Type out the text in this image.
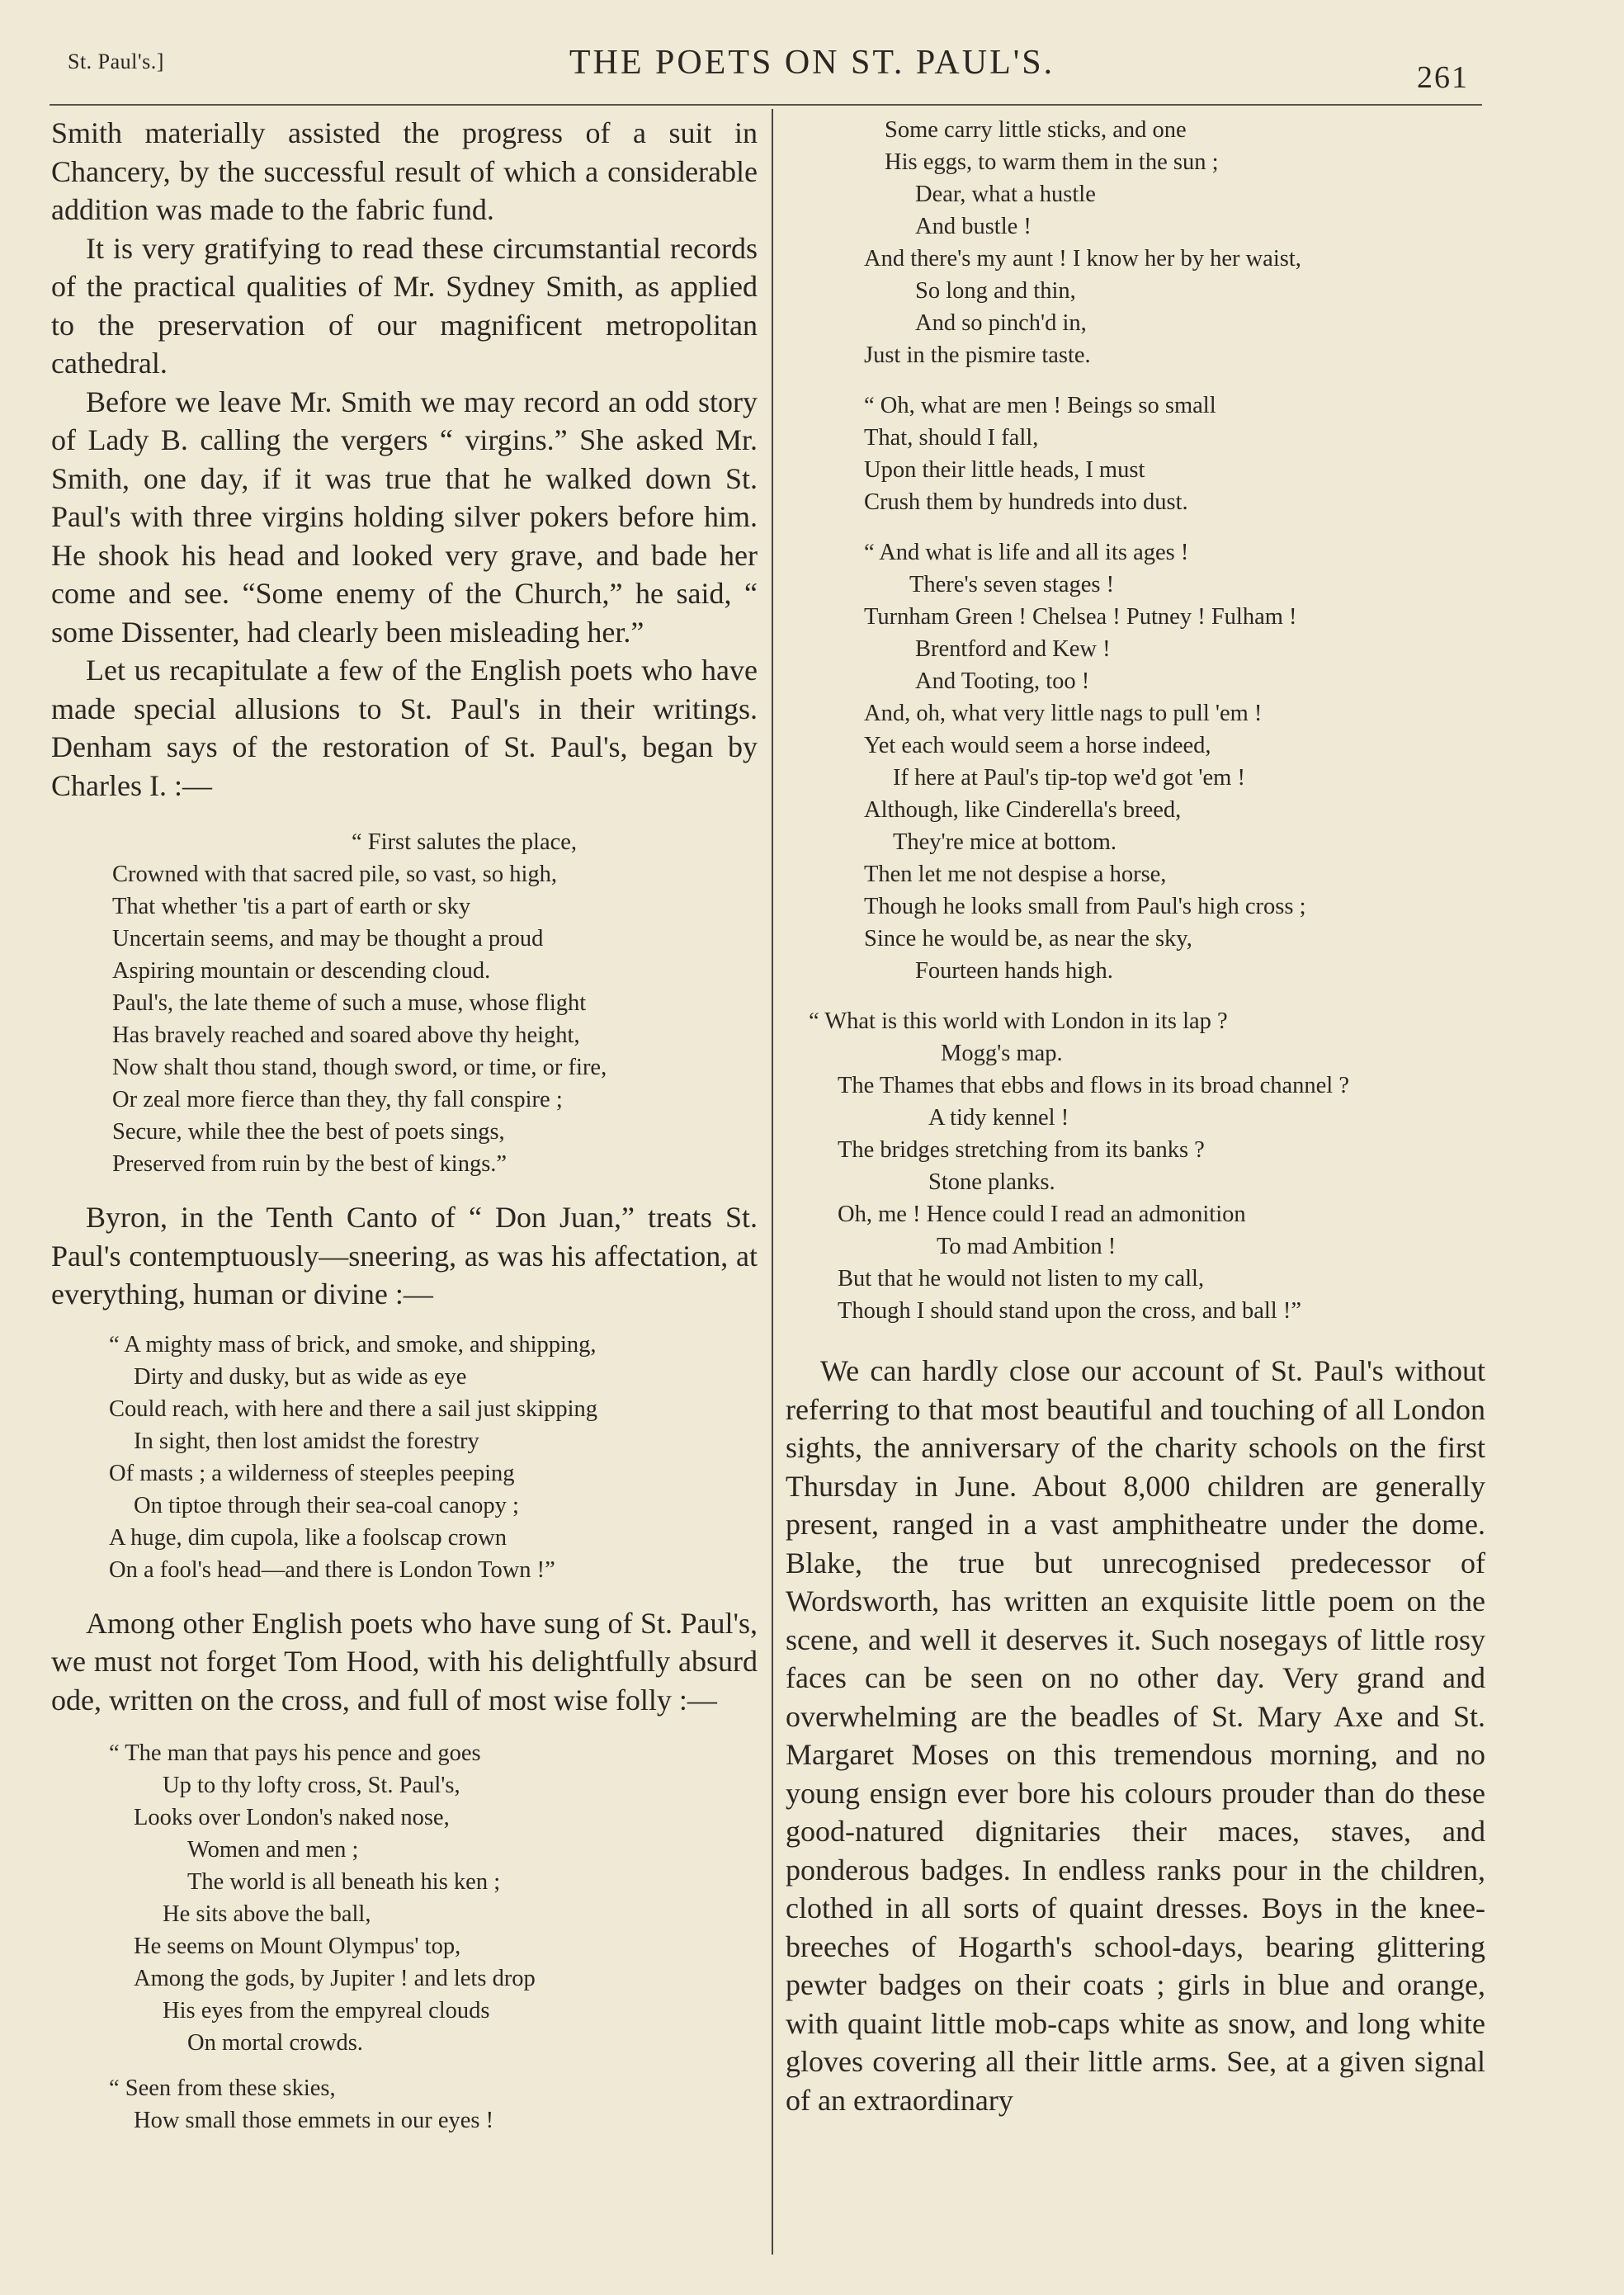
St. Paul's.]	THE POETS ON ST. PAUL'S.	261

Smith materially assisted the progress of a suit in Chancery, by the successful result of which a considerable addition was made to the fabric fund.

It is very gratifying to read these circumstantial records of the practical qualities of Mr. Sydney Smith, as applied to the preservation of our magnificent metropolitan cathedral.

Before we leave Mr. Smith we may record an odd story of Lady B. calling the vergers “ virgins.” She asked Mr. Smith, one day, if it was true that he walked down St. Paul's with three virgins holding silver pokers before him. He shook his head and looked very grave, and bade her come and see. “Some enemy of the Church,” he said, “ some Dissenter, had clearly been misleading her.”

Let us recapitulate a few of the English poets who have made special allusions to St. Paul's in their writings. Denham says of the restoration of St. Paul's, began by Charles I. :—

“ First salutes the place,
Crowned with that sacred pile, so vast, so high,
That whether 'tis a part of earth or sky
Uncertain seems, and may be thought a proud
Aspiring mountain or descending cloud.
Paul's, the late theme of such a muse, whose flight
Has bravely reached and soared above thy height,
Now shalt thou stand, though sword, or time, or fire,
Or zeal more fierce than they, thy fall conspire ;
Secure, while thee the best of poets sings,
Preserved from ruin by the best of kings.”

Byron, in the Tenth Canto of “ Don Juan,” treats St. Paul's contemptuously—sneering, as was his affectation, at everything, human or divine :—

“ A mighty mass of brick, and smoke, and shipping,
Dirty and dusky, but as wide as eye
Could reach, with here and there a sail just skipping
In sight, then lost amidst the forestry
Of masts ; a wilderness of steeples peeping
On tiptoe through their sea-coal canopy ;
A huge, dim cupola, like a foolscap crown
On a fool's head—and there is London Town !”

Among other English poets who have sung of St. Paul's, we must not forget Tom Hood, with his delightfully absurd ode, written on the cross, and full of most wise folly :—

“ The man that pays his pence and goes
Up to thy lofty cross, St. Paul's,
Looks over London's naked nose,
Women and men ;
The world is all beneath his ken ;
He sits above the ball,
He seems on Mount Olympus' top,
Among the gods, by Jupiter ! and lets drop
His eyes from the empyreal clouds
On mortal crowds.
“ Seen from these skies,
How small those emmets in our eyes !
Some carry little sticks, and one
His eggs, to warm them in the sun ;
Dear, what a hustle
And bustle !
And there's my aunt ! I know her by her waist,
So long and thin,
And so pinch'd in,
Just in the pismire taste.
“ Oh, what are men ! Beings so small
That, should I fall,
Upon their little heads, I must
Crush them by hundreds into dust.
“ And what is life and all its ages !
There's seven stages !
Turnham Green ! Chelsea ! Putney ! Fulham !
Brentford and Kew !
And Tooting, too !
And, oh, what very little nags to pull 'em !
Yet each would seem a horse indeed,
If here at Paul's tip-top we'd got 'em !
Although, like Cinderella's breed,
They're mice at bottom.
Then let me not despise a horse,
Though he looks small from Paul's high cross ;
Since he would be, as near the sky,
Fourteen hands high.
“ What is this world with London in its lap ?
Mogg's map.
The Thames that ebbs and flows in its broad channel ?
A tidy kennel !
The bridges stretching from its banks ?
Stone planks.
Oh, me ! Hence could I read an admonition
To mad Ambition !
But that he would not listen to my call,
Though I should stand upon the cross, and ball !”

We can hardly close our account of St. Paul's without referring to that most beautiful and touching of all London sights, the anniversary of the charity schools on the first Thursday in June. About 8,000 children are generally present, ranged in a vast amphitheatre under the dome. Blake, the true but unrecognised predecessor of Wordsworth, has written an exquisite little poem on the scene, and well it deserves it. Such nosegays of little rosy faces can be seen on no other day. Very grand and overwhelming are the beadles of St. Mary Axe and St. Margaret Moses on this tremendous morning, and no young ensign ever bore his colours prouder than do these good-natured dignitaries their maces, staves, and ponderous badges. In endless ranks pour in the children, clothed in all sorts of quaint dresses. Boys in the knee-breeches of Hogarth's school-days, bearing glittering pewter badges on their coats ; girls in blue and orange, with quaint little mob-caps white as snow, and long white gloves covering all their little arms. See, at a given signal of an extraordinary
